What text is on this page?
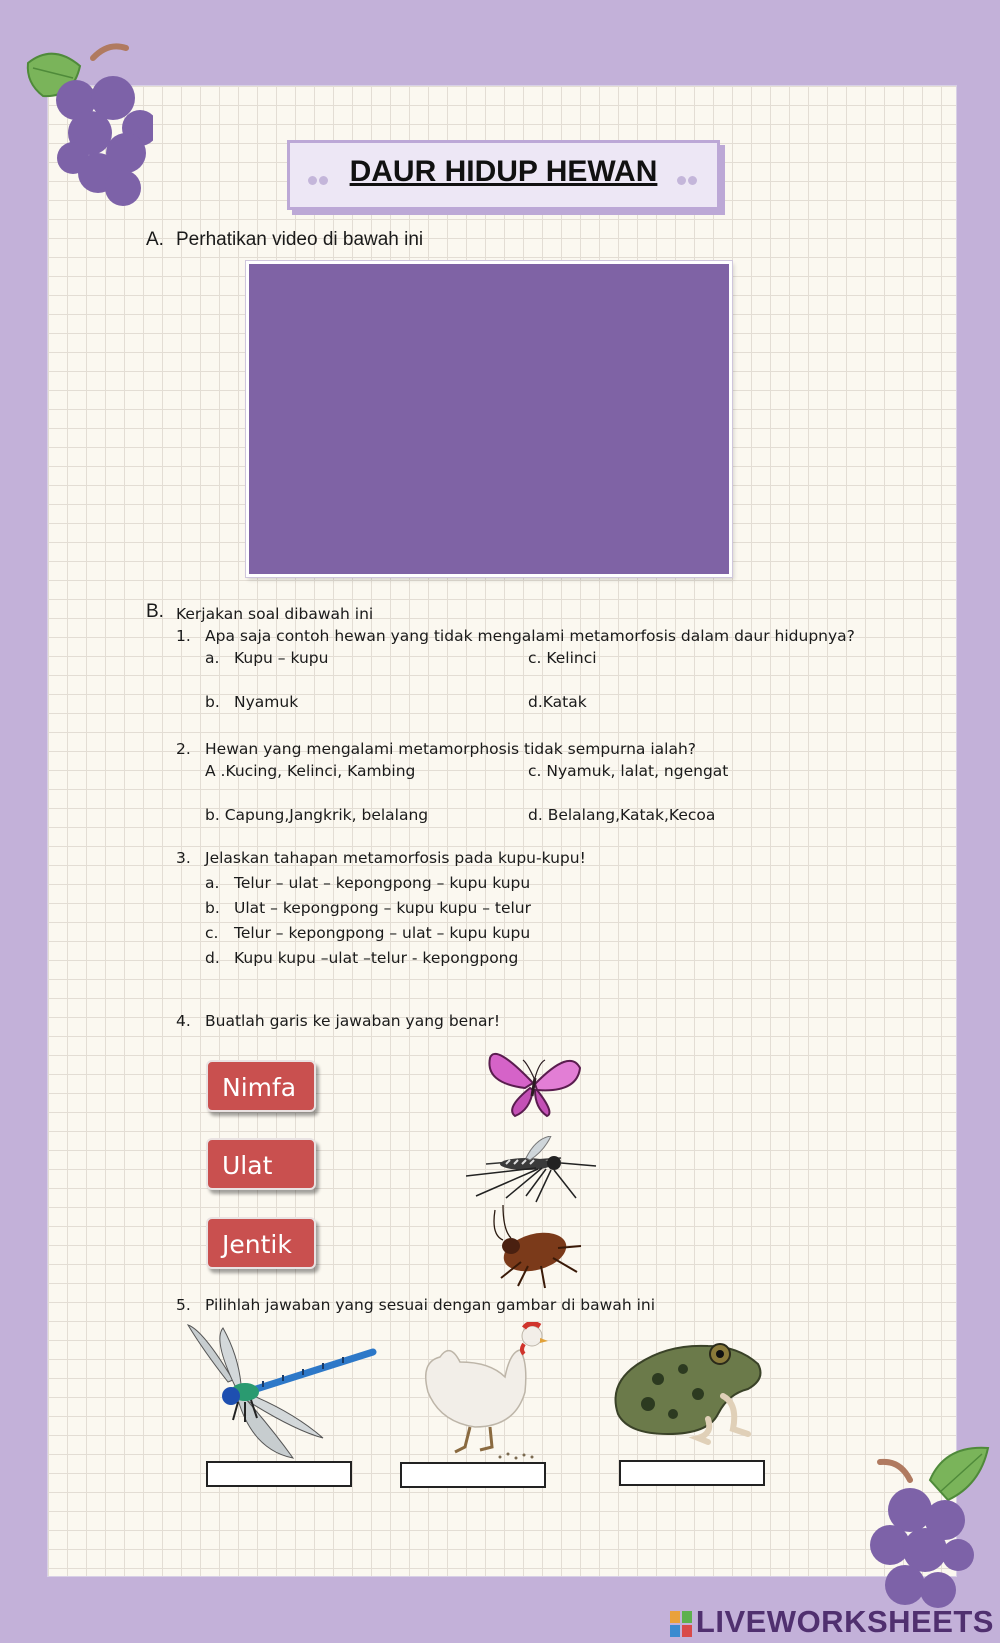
DAUR HIDUP HEWAN
A. Perhatikan video di bawah ini
B. Kerjakan soal dibawah ini
1. Apa saja contoh hewan yang tidak mengalami metamorfosis dalam daur hidupnya?
a. Kupu – kupu	c. Kelinci
b. Nyamuk	d.Katak
2. Hewan yang mengalami metamorphosis tidak sempurna ialah?
A .Kucing, Kelinci, Kambing	c. Nyamuk, lalat, ngengat
b. Capung,Jangkrik, belalang	d. Belalang,Katak,Kecoa
3. Jelaskan tahapan metamorfosis pada kupu-kupu!
a. Telur – ulat – kepongpong – kupu kupu
b. Ulat – kepongpong – kupu kupu – telur
c. Telur – kepongpong – ulat – kupu kupu
d. Kupu kupu –ulat –telur - kepongpong
4. Buatlah garis ke jawaban yang benar!
Nimfa
Ulat
Jentik
5. Pilihlah jawaban yang sesuai dengan gambar di bawah ini
LIVEWORKSHEETS
